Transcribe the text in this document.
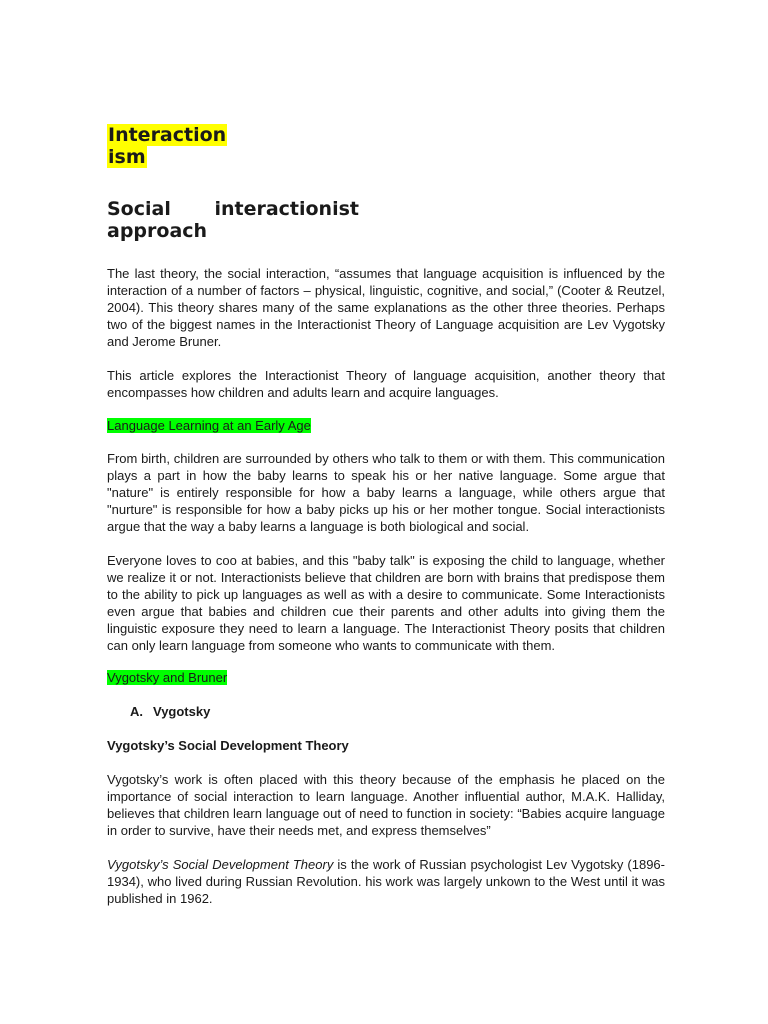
Interaction
ism
Social interactionist approach

The last theory, the social interaction, “assumes that language acquisition is influenced by the interaction of a number of factors – physical, linguistic, cognitive, and social,” (Cooter & Reutzel, 2004). This theory shares many of the same explanations as the other three theories. Perhaps two of the biggest names in the Interactionist Theory of Language acquisition are Lev Vygotsky and Jerome Bruner.

This article explores the Interactionist Theory of language acquisition, another theory that encompasses how children and adults learn and acquire languages.

Language Learning at an Early Age

From birth, children are surrounded by others who talk to them or with them. This communication plays a part in how the baby learns to speak his or her native language. Some argue that "nature" is entirely responsible for how a baby learns a language, while others argue that "nurture" is responsible for how a baby picks up his or her mother tongue. Social interactionists argue that the way a baby learns a language is both biological and social.

Everyone loves to coo at babies, and this "baby talk" is exposing the child to language, whether we realize it or not. Interactionists believe that children are born with brains that predispose them to the ability to pick up languages as well as with a desire to communicate. Some Interactionists even argue that babies and children cue their parents and other adults into giving them the linguistic exposure they need to learn a language. The Interactionist Theory posits that children can only learn language from someone who wants to communicate with them.

Vygotsky and Bruner
A. Vygotsky
Vygotsky’s Social Development Theory

Vygotsky’s work is often placed with this theory because of the emphasis he placed on the importance of social interaction to learn language. Another influential author, M.A.K. Halliday, believes that children learn language out of need to function in society: “Babies acquire language in order to survive, have their needs met, and express themselves”

Vygotsky’s Social Development Theory is the work of Russian psychologist Lev Vygotsky (1896-1934), who lived during Russian Revolution. his work was largely unkown to the West until it was published in 1962.
